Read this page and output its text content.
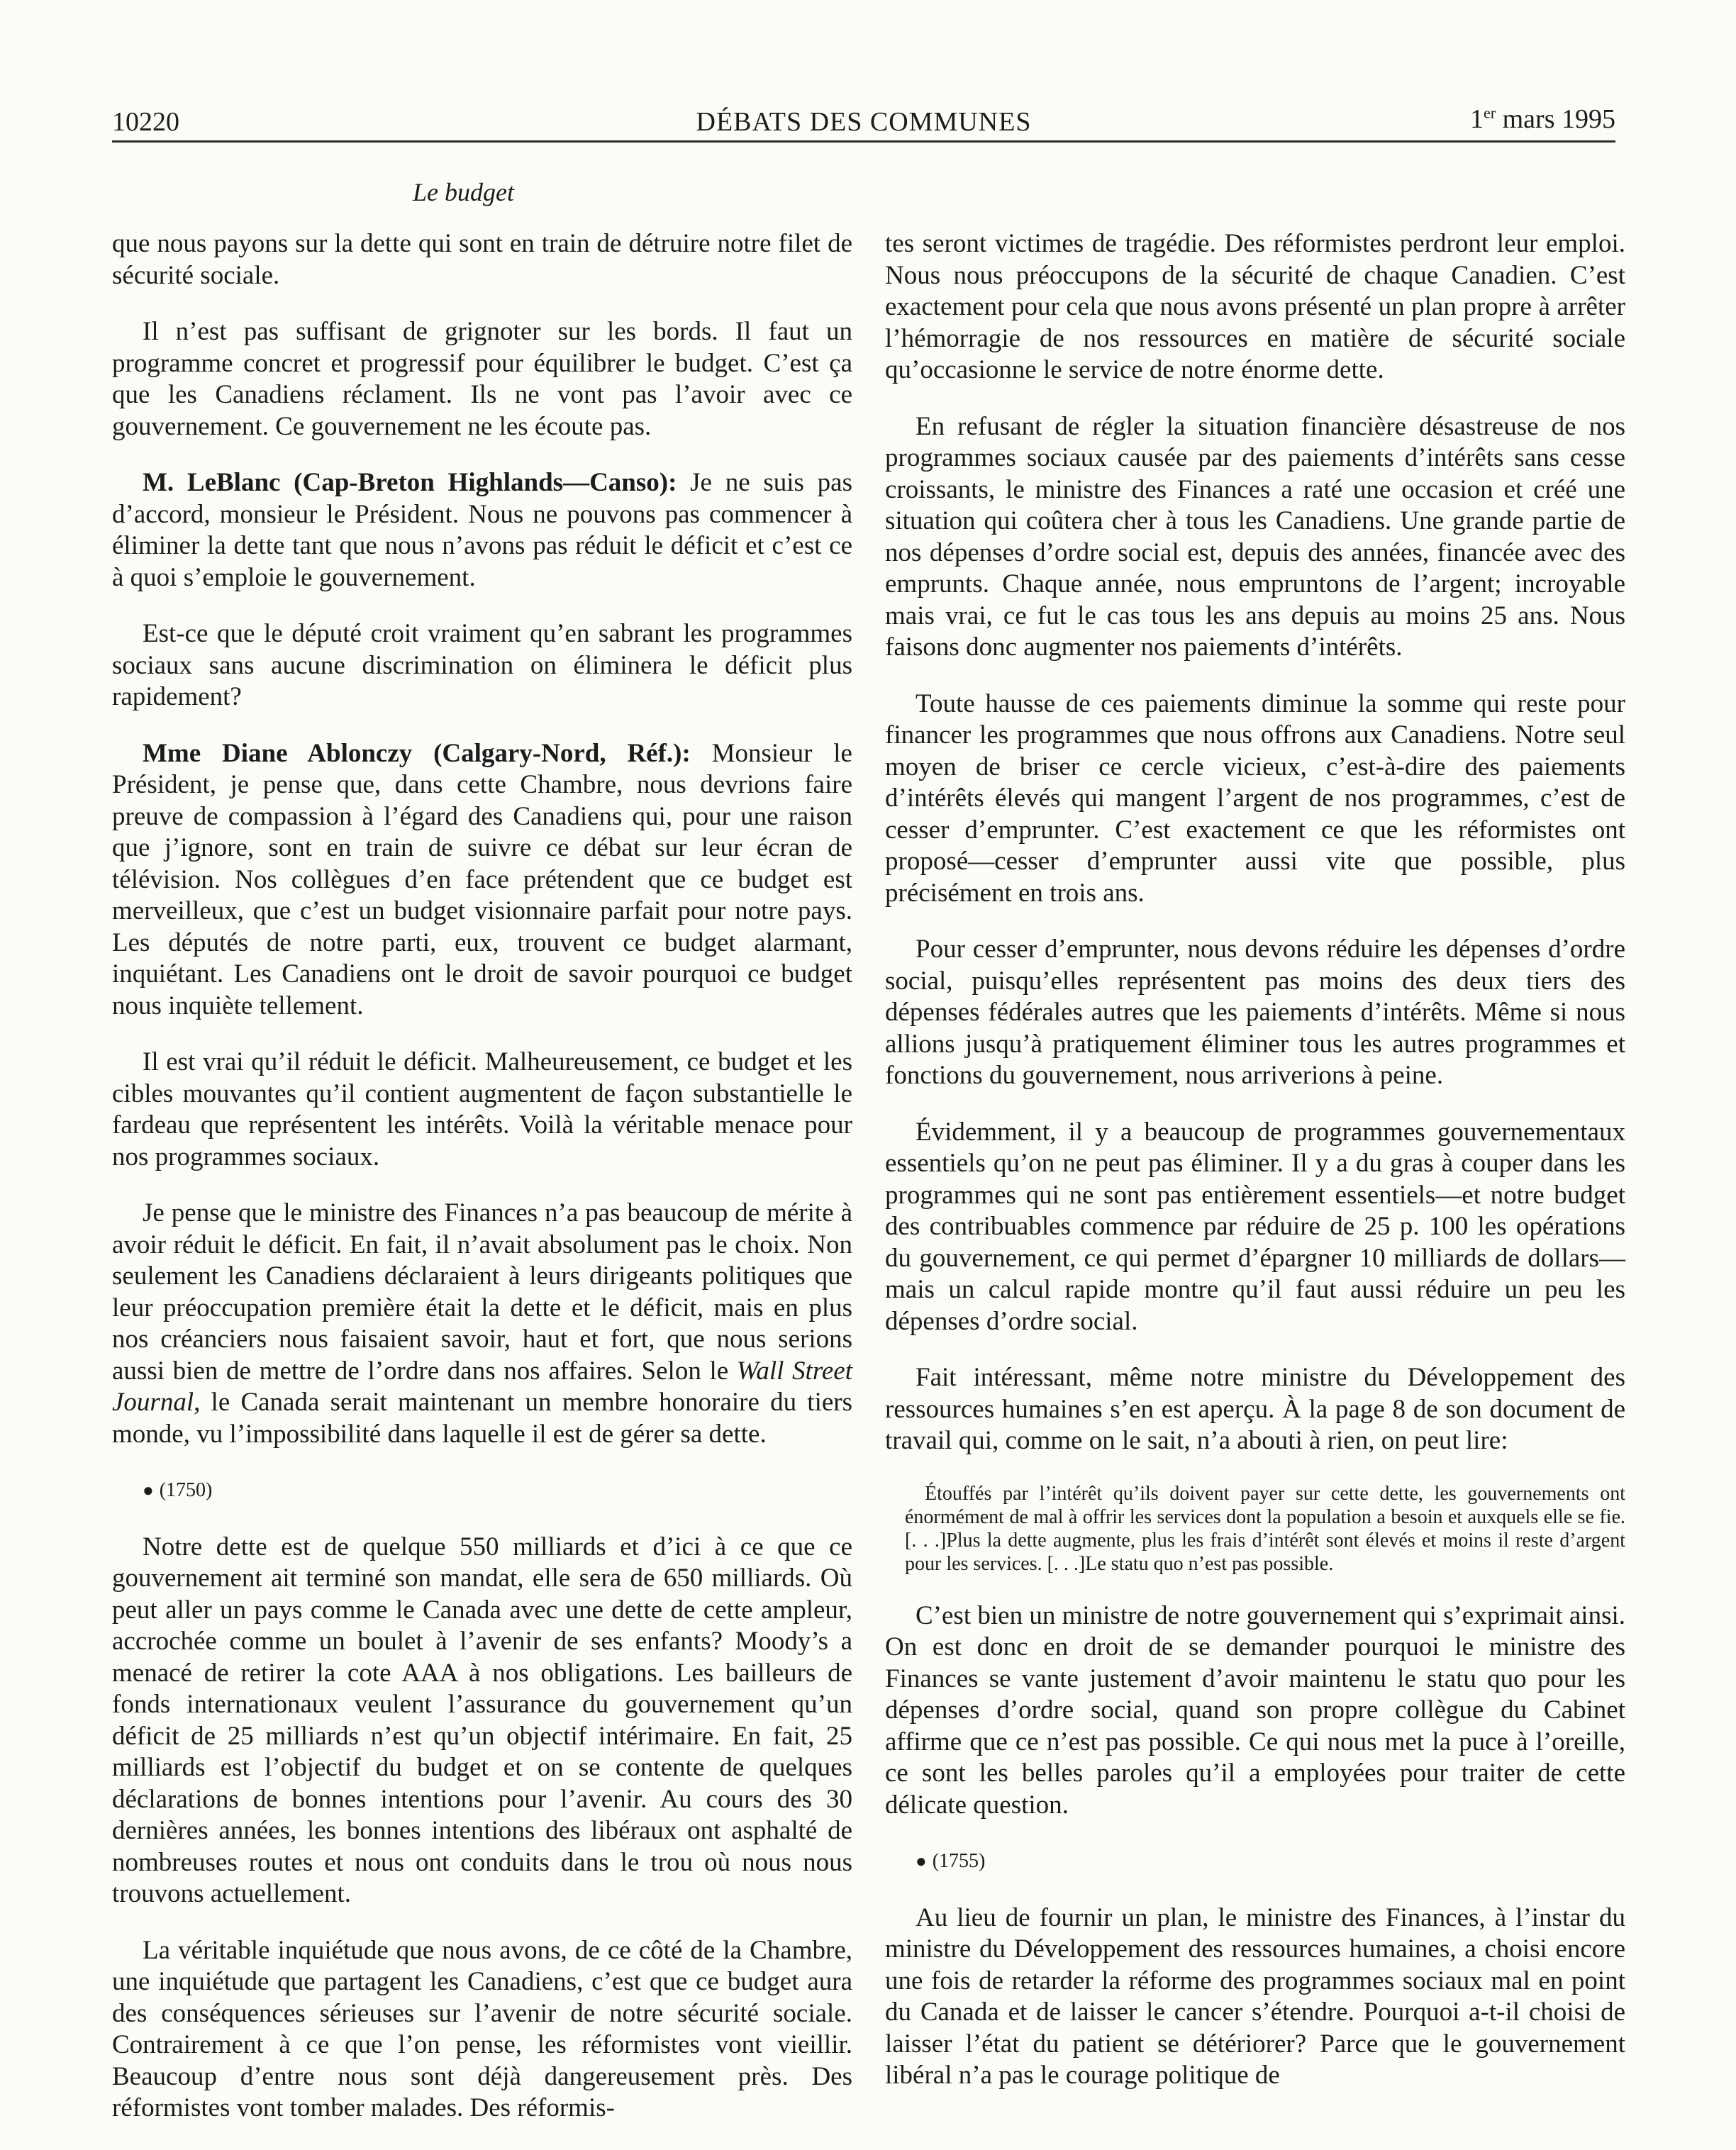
10220	DÉBATS DES COMMUNES	1er mars 1995
Le budget

que nous payons sur la dette qui sont en train de détruire notre filet de sécurité sociale.

Il n’est pas suffisant de grignoter sur les bords. Il faut un programme concret et progressif pour équilibrer le budget. C’est ça que les Canadiens réclament. Ils ne vont pas l’avoir avec ce gouvernement. Ce gouvernement ne les écoute pas.

M. LeBlanc (Cap-Breton Highlands—Canso): Je ne suis pas d’accord, monsieur le Président. Nous ne pouvons pas commencer à éliminer la dette tant que nous n’avons pas réduit le déficit et c’est ce à quoi s’emploie le gouvernement.

Est-ce que le député croit vraiment qu’en sabrant les programmes sociaux sans aucune discrimination on éliminera le déficit plus rapidement?

Mme Diane Ablonczy (Calgary-Nord, Réf.): Monsieur le Président, je pense que, dans cette Chambre, nous devrions faire preuve de compassion à l’égard des Canadiens qui, pour une raison que j’ignore, sont en train de suivre ce débat sur leur écran de télévision. Nos collègues d’en face prétendent que ce budget est merveilleux, que c’est un budget visionnaire parfait pour notre pays. Les députés de notre parti, eux, trouvent ce budget alarmant, inquiétant. Les Canadiens ont le droit de savoir pourquoi ce budget nous inquiète tellement.

Il est vrai qu’il réduit le déficit. Malheureusement, ce budget et les cibles mouvantes qu’il contient augmentent de façon substantielle le fardeau que représentent les intérêts. Voilà la véritable menace pour nos programmes sociaux.

Je pense que le ministre des Finances n’a pas beaucoup de mérite à avoir réduit le déficit. En fait, il n’avait absolument pas le choix. Non seulement les Canadiens déclaraient à leurs dirigeants politiques que leur préoccupation première était la dette et le déficit, mais en plus nos créanciers nous faisaient savoir, haut et fort, que nous serions aussi bien de mettre de l’ordre dans nos affaires. Selon le Wall Street Journal, le Canada serait maintenant un membre honoraire du tiers monde, vu l’impossibilité dans laquelle il est de gérer sa dette.

● (1750)

Notre dette est de quelque 550 milliards et d’ici à ce que ce gouvernement ait terminé son mandat, elle sera de 650 milliards. Où peut aller un pays comme le Canada avec une dette de cette ampleur, accrochée comme un boulet à l’avenir de ses enfants? Moody’s a menacé de retirer la cote AAA à nos obligations. Les bailleurs de fonds internationaux veulent l’assurance du gouvernement qu’un déficit de 25 milliards n’est qu’un objectif intérimaire. En fait, 25 milliards est l’objectif du budget et on se contente de quelques déclarations de bonnes intentions pour l’avenir. Au cours des 30 dernières années, les bonnes intentions des libéraux ont asphalté de nombreuses routes et nous ont conduits dans le trou où nous nous trouvons actuellement.

La véritable inquiétude que nous avons, de ce côté de la Chambre, une inquiétude que partagent les Canadiens, c’est que ce budget aura des conséquences sérieuses sur l’avenir de notre sécurité sociale. Contrairement à ce que l’on pense, les réformistes vont vieillir. Beaucoup d’entre nous sont déjà dangereusement près. Des réformistes vont tomber malades. Des réformis-

tes seront victimes de tragédie. Des réformistes perdront leur emploi. Nous nous préoccupons de la sécurité de chaque Canadien. C’est exactement pour cela que nous avons présenté un plan propre à arrêter l’hémorragie de nos ressources en matière de sécurité sociale qu’occasionne le service de notre énorme dette.

En refusant de régler la situation financière désastreuse de nos programmes sociaux causée par des paiements d’intérêts sans cesse croissants, le ministre des Finances a raté une occasion et créé une situation qui coûtera cher à tous les Canadiens. Une grande partie de nos dépenses d’ordre social est, depuis des années, financée avec des emprunts. Chaque année, nous empruntons de l’argent; incroyable mais vrai, ce fut le cas tous les ans depuis au moins 25 ans. Nous faisons donc augmenter nos paiements d’intérêts.

Toute hausse de ces paiements diminue la somme qui reste pour financer les programmes que nous offrons aux Canadiens. Notre seul moyen de briser ce cercle vicieux, c’est-à-dire des paiements d’intérêts élevés qui mangent l’argent de nos programmes, c’est de cesser d’emprunter. C’est exactement ce que les réformistes ont proposé—cesser d’emprunter aussi vite que possible, plus précisément en trois ans.

Pour cesser d’emprunter, nous devons réduire les dépenses d’ordre social, puisqu’elles représentent pas moins des deux tiers des dépenses fédérales autres que les paiements d’intérêts. Même si nous allions jusqu’à pratiquement éliminer tous les autres programmes et fonctions du gouvernement, nous arriverions à peine.

Évidemment, il y a beaucoup de programmes gouvernementaux essentiels qu’on ne peut pas éliminer. Il y a du gras à couper dans les programmes qui ne sont pas entièrement essentiels—et notre budget des contribuables commence par réduire de 25 p. 100 les opérations du gouvernement, ce qui permet d’épargner 10 milliards de dollars—mais un calcul rapide montre qu’il faut aussi réduire un peu les dépenses d’ordre social.

Fait intéressant, même notre ministre du Développement des ressources humaines s’en est aperçu. À la page 8 de son document de travail qui, comme on le sait, n’a abouti à rien, on peut lire:

Étouffés par l’intérêt qu’ils doivent payer sur cette dette, les gouvernements ont énormément de mal à offrir les services dont la population a besoin et auxquels elle se fie. [. . .]Plus la dette augmente, plus les frais d’intérêt sont élevés et moins il reste d’argent pour les services. [. . .]Le statu quo n’est pas possible.

C’est bien un ministre de notre gouvernement qui s’exprimait ainsi. On est donc en droit de se demander pourquoi le ministre des Finances se vante justement d’avoir maintenu le statu quo pour les dépenses d’ordre social, quand son propre collègue du Cabinet affirme que ce n’est pas possible. Ce qui nous met la puce à l’oreille, ce sont les belles paroles qu’il a employées pour traiter de cette délicate question.

● (1755)

Au lieu de fournir un plan, le ministre des Finances, à l’instar du ministre du Développement des ressources humaines, a choisi encore une fois de retarder la réforme des programmes sociaux mal en point du Canada et de laisser le cancer s’étendre. Pourquoi a-t-il choisi de laisser l’état du patient se détériorer? Parce que le gouvernement libéral n’a pas le courage politique de
